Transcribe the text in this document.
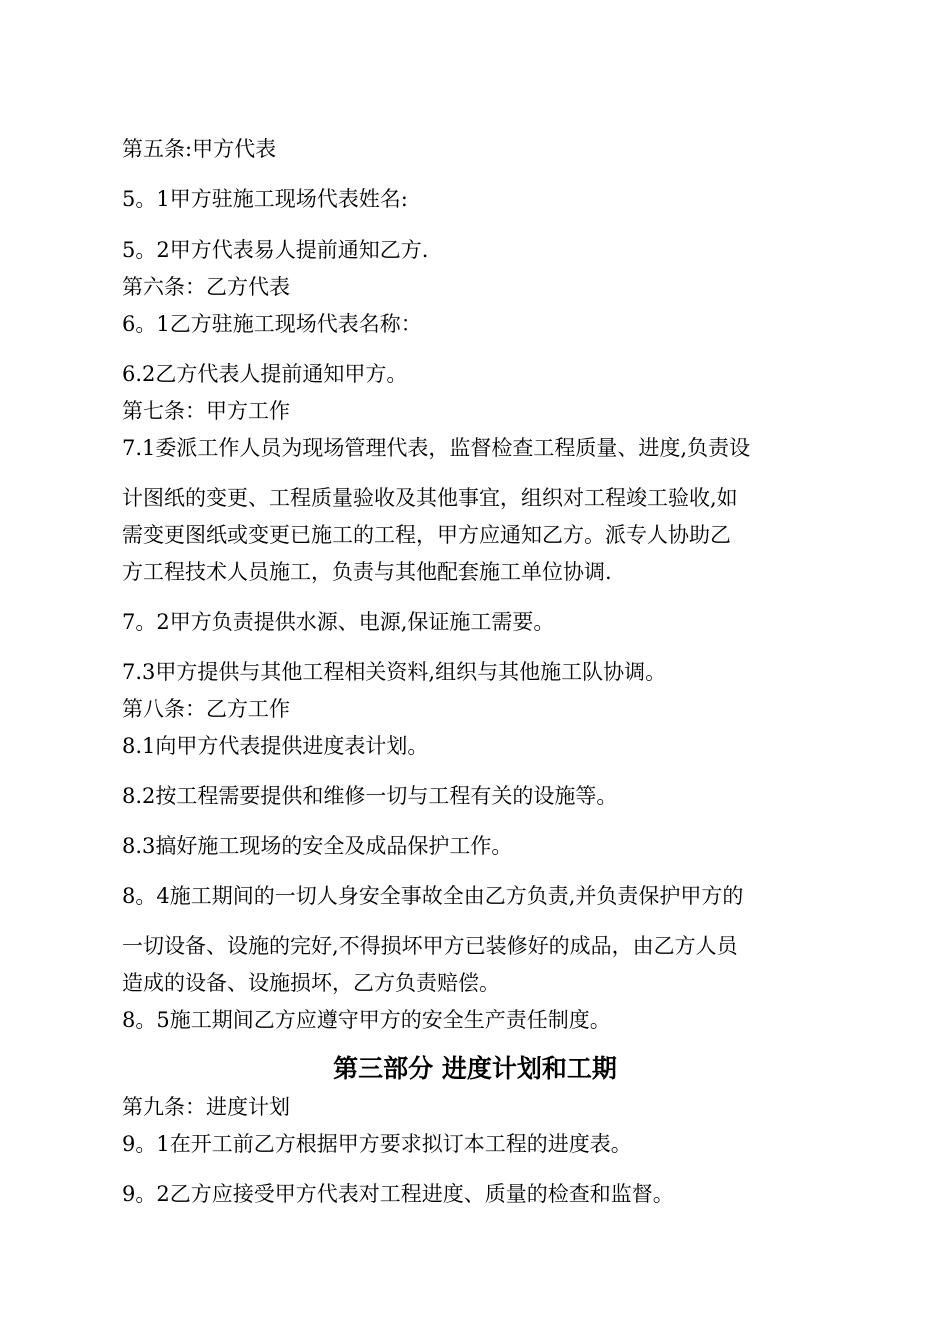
第五条:甲方代表
5。1甲方驻施工现场代表姓名:
5。2甲方代表易人提前通知乙方.
第六条：乙方代表
6。1乙方驻施工现场代表名称：
6.2乙方代表人提前通知甲方。
第七条：甲方工作
7.1委派工作人员为现场管理代表，监督检查工程质量、进度,负责设
计图纸的变更、工程质量验收及其他事宜，组织对工程竣工验收,如
需变更图纸或变更已施工的工程，甲方应通知乙方。派专人协助乙
方工程技术人员施工，负责与其他配套施工单位协调.
7。2甲方负责提供水源、电源,保证施工需要。
7.3甲方提供与其他工程相关资料,组织与其他施工队协调。
第八条：乙方工作
8.1向甲方代表提供进度表计划。
8.2按工程需要提供和维修一切与工程有关的设施等。
8.3搞好施工现场的安全及成品保护工作。
8。4施工期间的一切人身安全事故全由乙方负责,并负责保护甲方的
一切设备、设施的完好,不得损坏甲方已装修好的成品，由乙方人员
造成的设备、设施损坏，乙方负责赔偿。
8。5施工期间乙方应遵守甲方的安全生产责任制度。
第三部分 进度计划和工期
第九条：进度计划
9。1在开工前乙方根据甲方要求拟订本工程的进度表。
9。2乙方应接受甲方代表对工程进度、质量的检查和监督。
